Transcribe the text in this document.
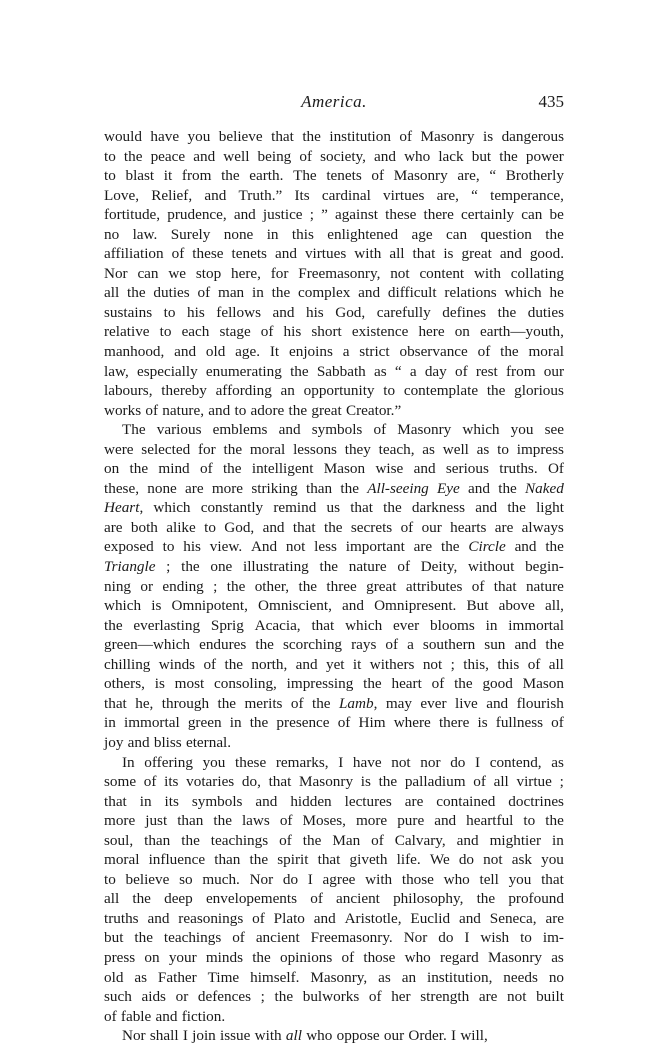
America.	435
would have you believe that the institution of Masonry is dangerous
to the peace and well being of society, and who lack but the power
to blast it from the earth. The tenets of Masonry are, “ Brotherly
Love, Relief, and Truth.” Its cardinal virtues are, “ temperance,
fortitude, prudence, and justice ; ” against these there certainly can be
no law. Surely none in this enlightened age can question the
affiliation of these tenets and virtues with all that is great and good.
Nor can we stop here, for Freemasonry, not content with collating
all the duties of man in the complex and difficult relations which he
sustains to his fellows and his God, carefully defines the duties
relative to each stage of his short existence here on earth—youth,
manhood, and old age. It enjoins a strict observance of the moral
law, especially enumerating the Sabbath as “ a day of rest from our
labours, thereby affording an opportunity to contemplate the glorious
works of nature, and to adore the great Creator.”
The various emblems and symbols of Masonry which you see
were selected for the moral lessons they teach, as well as to impress
on the mind of the intelligent Mason wise and serious truths. Of
these, none are more striking than the All-seeing Eye and the Naked
Heart, which constantly remind us that the darkness and the light
are both alike to God, and that the secrets of our hearts are always
exposed to his view. And not less important are the Circle and the
Triangle ; the one illustrating the nature of Deity, without begin-
ning or ending ; the other, the three great attributes of that nature
which is Omnipotent, Omniscient, and Omnipresent. But above all,
the everlasting Sprig Acacia, that which ever blooms in immortal
green—which endures the scorching rays of a southern sun and the
chilling winds of the north, and yet it withers not ; this, this of all
others, is most consoling, impressing the heart of the good Mason
that he, through the merits of the Lamb, may ever live and flourish
in immortal green in the presence of Him where there is fullness of
joy and bliss eternal.
In offering you these remarks, I have not nor do I contend, as
some of its votaries do, that Masonry is the palladium of all virtue ;
that in its symbols and hidden lectures are contained doctrines
more just than the laws of Moses, more pure and heartful to the
soul, than the teachings of the Man of Calvary, and mightier in
moral influence than the spirit that giveth life. We do not ask you
to believe so much. Nor do I agree with those who tell you that
all the deep envelopements of ancient philosophy, the profound
truths and reasonings of Plato and Aristotle, Euclid and Seneca, are
but the teachings of ancient Freemasonry. Nor do I wish to im-
press on your minds the opinions of those who regard Masonry as
old as Father Time himself. Masonry, as an institution, needs no
such aids or defences ; the bulworks of her strength are not built
of fable and fiction.
Nor shall I join issue with all who oppose our Order. I will,
